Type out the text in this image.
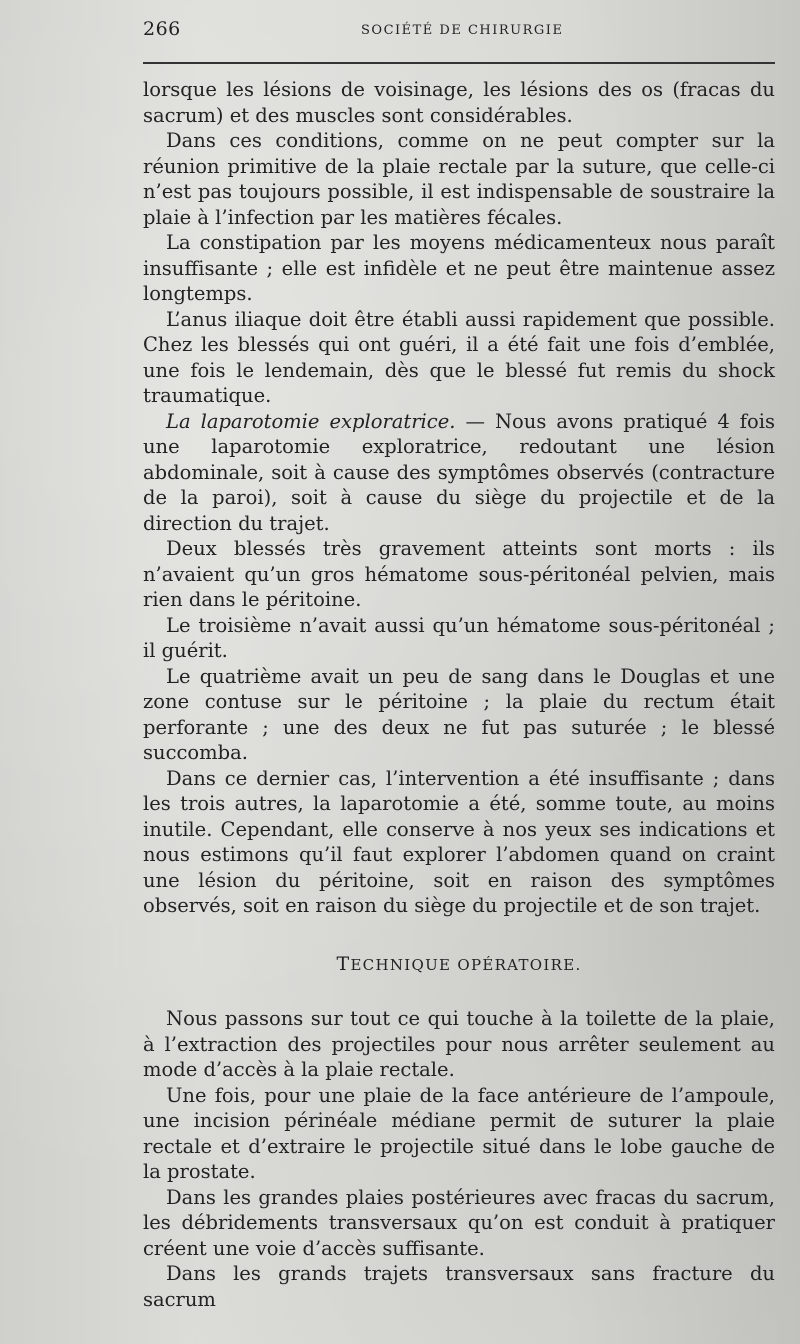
266	SOCIÉTÉ DE CHIRURGIE

lorsque les lésions de voisinage, les lésions des os (fracas du sacrum) et des muscles sont considérables.

Dans ces conditions, comme on ne peut compter sur la réunion primitive de la plaie rectale par la suture, que celle-ci n’est pas toujours possible, il est indispensable de soustraire la plaie à l’infection par les matières fécales.

La constipation par les moyens médicamenteux nous paraît insuffisante ; elle est infidèle et ne peut être maintenue assez longtemps.

L’anus iliaque doit être établi aussi rapidement que possible. Chez les blessés qui ont guéri, il a été fait une fois d’emblée, une fois le lendemain, dès que le blessé fut remis du shock traumatique.

La laparotomie exploratrice. — Nous avons pratiqué 4 fois une laparotomie exploratrice, redoutant une lésion abdominale, soit à cause des symptômes observés (contracture de la paroi), soit à cause du siège du projectile et de la direction du trajet.

Deux blessés très gravement atteints sont morts : ils n’avaient qu’un gros hématome sous-péritonéal pelvien, mais rien dans le péritoine.

Le troisième n’avait aussi qu’un hématome sous-péritonéal ; il guérit.

Le quatrième avait un peu de sang dans le Douglas et une zone contuse sur le péritoine ; la plaie du rectum était perforante ; une des deux ne fut pas suturée ; le blessé succomba.

Dans ce dernier cas, l’intervention a été insuffisante ; dans les trois autres, la laparotomie a été, somme toute, au moins inutile. Cependant, elle conserve à nos yeux ses indications et nous estimons qu’il faut explorer l’abdomen quand on craint une lésion du péritoine, soit en raison des symptômes observés, soit en raison du siège du projectile et de son trajet.

TECHNIQUE OPÉRATOIRE.

Nous passons sur tout ce qui touche à la toilette de la plaie, à l’extraction des projectiles pour nous arrêter seulement au mode d’accès à la plaie rectale.

Une fois, pour une plaie de la face antérieure de l’ampoule, une incision périnéale médiane permit de suturer la plaie rectale et d’extraire le projectile situé dans le lobe gauche de la prostate.

Dans les grandes plaies postérieures avec fracas du sacrum, les débridements transversaux qu’on est conduit à pratiquer créent une voie d’accès suffisante.

Dans les grands trajets transversaux sans fracture du sacrum
